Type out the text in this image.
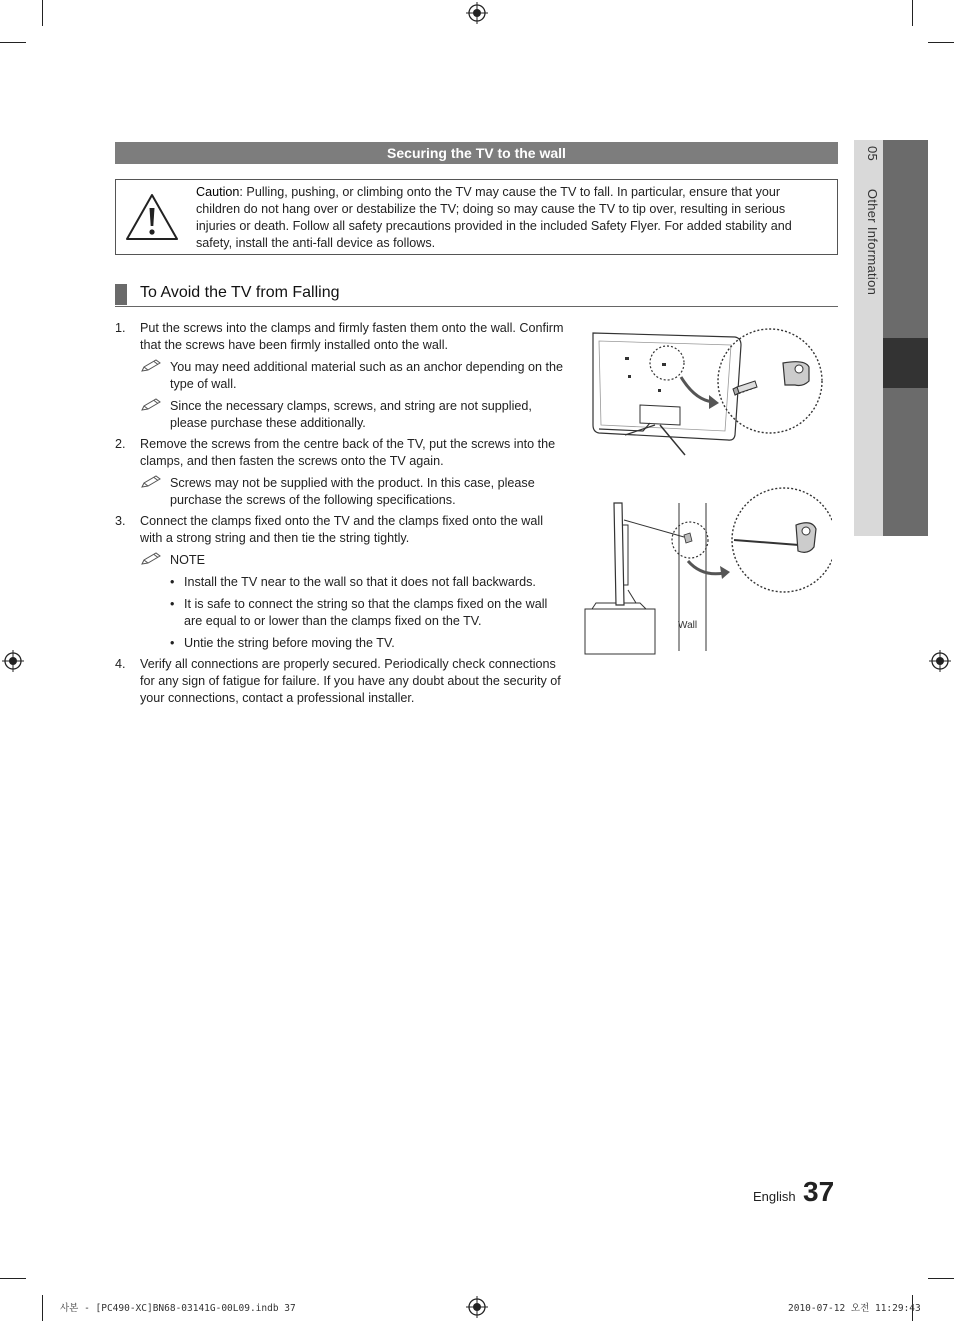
Securing the TV to the wall
Caution: Pulling, pushing, or climbing onto the TV may cause the TV to fall. In particular, ensure that your children do not hang over or destabilize the TV; doing so may cause the TV to tip over, resulting in serious injuries or death. Follow all safety precautions provided in the included Safety Flyer. For added stability and safety, install the anti-fall device as follows.
To Avoid the TV from Falling
1. Put the screws into the clamps and firmly fasten them onto the wall. Confirm that the screws have been firmly installed onto the wall.
You may need additional material such as an anchor depending on the type of wall.
Since the necessary clamps, screws, and string are not supplied, please purchase these additionally.
2. Remove the screws from the centre back of the TV, put the screws into the clamps, and then fasten the screws onto the TV again.
Screws may not be supplied with the product. In this case, please purchase the screws of the following specifications.
3. Connect the clamps fixed onto the TV and the clamps fixed onto the wall with a strong string and then tie the string tightly.
NOTE
• Install the TV near to the wall so that it does not fall backwards.
• It is safe to connect the string so that the clamps fixed on the wall are equal to or lower than the clamps fixed on the TV.
• Untie the string before moving the TV.
4. Verify all connections are properly secured. Periodically check connections for any sign of fatigue for failure. If you have any doubt about the security of your connections, contact a professional installer.
Wall
05  Other Information
English 37
사본 - [PC490-XC]BN68-03141G-00L09.indb 37	2010-07-12 오전 11:29:43
